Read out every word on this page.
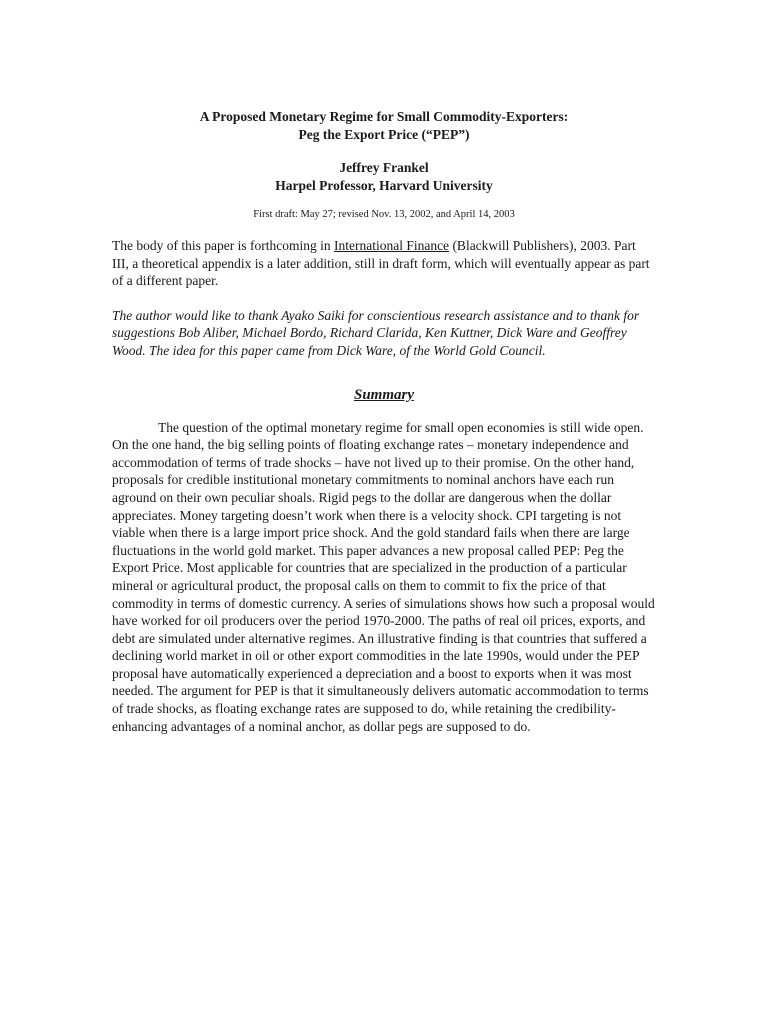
A Proposed Monetary Regime for Small Commodity-Exporters:
Peg the Export Price (“PEP”)
Jeffrey Frankel
Harpel Professor, Harvard University
First draft: May 27; revised Nov. 13, 2002, and April 14, 2003

The body of this paper is forthcoming in International Finance (Blackwill Publishers), 2003. Part III, a theoretical appendix is a later addition, still in draft form, which will eventually appear as part of a different paper.

The author would like to thank Ayako Saiki for conscientious research assistance and to thank for suggestions Bob Aliber, Michael Bordo, Richard Clarida, Ken Kuttner, Dick Ware and Geoffrey Wood. The idea for this paper came from Dick Ware, of the World Gold Council.

Summary

The question of the optimal monetary regime for small open economies is still wide open. On the one hand, the big selling points of floating exchange rates – monetary independence and accommodation of terms of trade shocks – have not lived up to their promise. On the other hand, proposals for credible institutional monetary commitments to nominal anchors have each run aground on their own peculiar shoals. Rigid pegs to the dollar are dangerous when the dollar appreciates. Money targeting doesn’t work when there is a velocity shock. CPI targeting is not viable when there is a large import price shock. And the gold standard fails when there are large fluctuations in the world gold market. This paper advances a new proposal called PEP: Peg the Export Price. Most applicable for countries that are specialized in the production of a particular mineral or agricultural product, the proposal calls on them to commit to fix the price of that commodity in terms of domestic currency. A series of simulations shows how such a proposal would have worked for oil producers over the period 1970-2000. The paths of real oil prices, exports, and debt are simulated under alternative regimes. An illustrative finding is that countries that suffered a declining world market in oil or other export commodities in the late 1990s, would under the PEP proposal have automatically experienced a depreciation and a boost to exports when it was most needed. The argument for PEP is that it simultaneously delivers automatic accommodation to terms of trade shocks, as floating exchange rates are supposed to do, while retaining the credibility-enhancing advantages of a nominal anchor, as dollar pegs are supposed to do.
